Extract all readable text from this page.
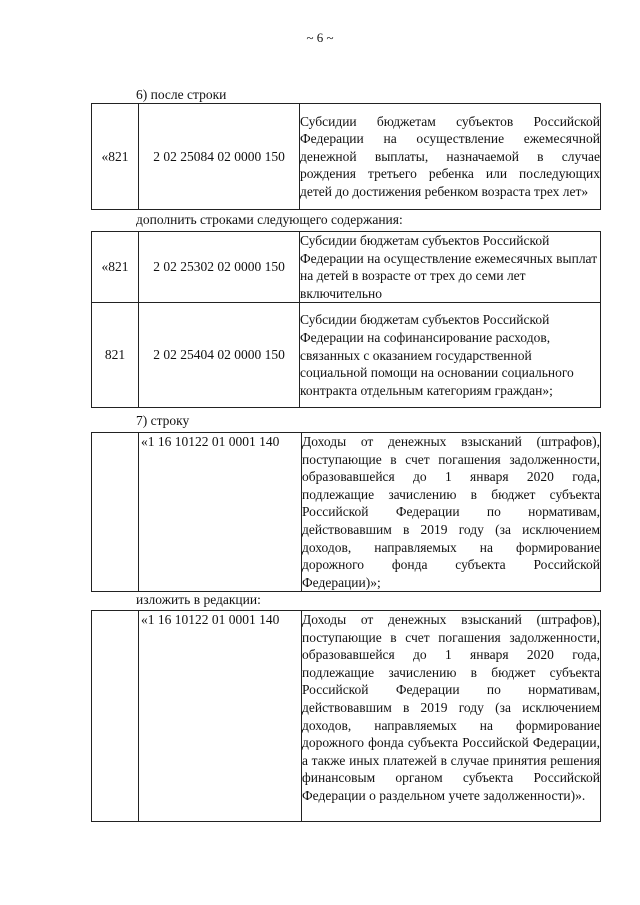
~ 6 ~
6) после строки
«821	2 02 25084 02 0000 150	Субсидии бюджетам субъектов Российской Федерации на осуществление ежемесячной денежной выплаты, назначаемой в случае рождения третьего ребенка или последующих детей до достижения ребенком возраста трех лет»
дополнить строками следующего содержания:
«821	2 02 25302 02 0000 150	Субсидии бюджетам субъектов Российской Федерации на осуществление ежемесячных выплат на детей в возрасте от трех до семи лет включительно
821	2 02 25404 02 0000 150	Субсидии бюджетам субъектов Российской Федерации на софинансирование расходов, связанных с оказанием государственной социальной помощи на основании социального контракта отдельным категориям граждан»;
7) строку
	«1 16 10122 01 0001 140	Доходы от денежных взысканий (штрафов), поступающие в счет погашения задолженности, образовавшейся до 1 января 2020 года, подлежащие зачислению в бюджет субъекта Российской Федерации по нормативам, действовавшим в 2019 году (за исключением доходов, направляемых на формирование дорожного фонда субъекта Российской Федерации)»;
изложить в редакции:
	«1 16 10122 01 0001 140	Доходы от денежных взысканий (штрафов), поступающие в счет погашения задолженности, образовавшейся до 1 января 2020 года, подлежащие зачислению в бюджет субъекта Российской Федерации по нормативам, действовавшим в 2019 году (за исключением доходов, направляемых на формирование дорожного фонда субъекта Российской Федерации, а также иных платежей в случае принятия решения финансовым органом субъекта Российской Федерации о раздельном учете задолженности)».
